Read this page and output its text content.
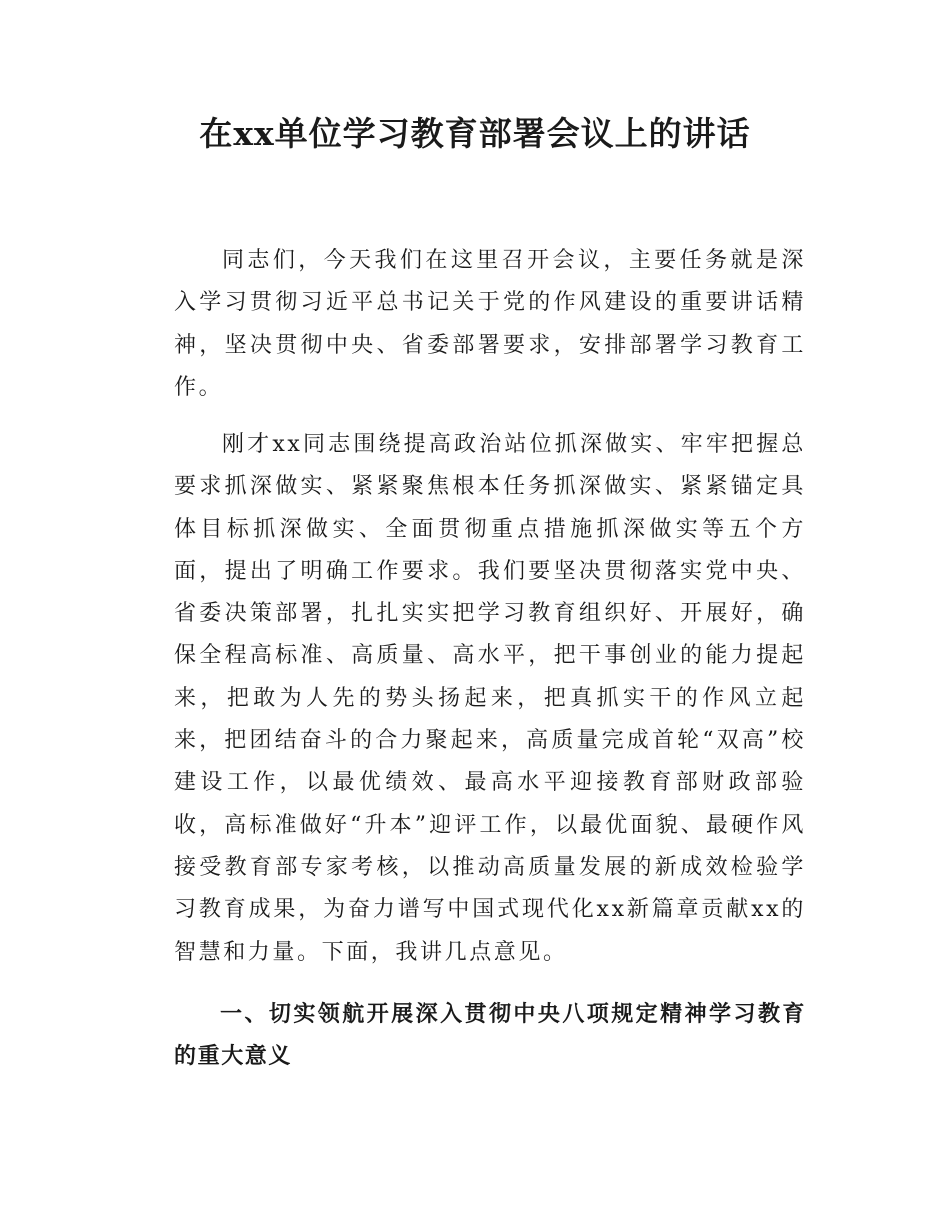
在xx单位学习教育部署会议上的讲话

同志们，今天我们在这里召开会议，主要任务就是深入学习贯彻习近平总书记关于党的作风建设的重要讲话精神，坚决贯彻中央、省委部署要求，安排部署学习教育工作。

刚才xx同志围绕提高政治站位抓深做实、牢牢把握总要求抓深做实、紧紧聚焦根本任务抓深做实、紧紧锚定具体目标抓深做实、全面贯彻重点措施抓深做实等五个方面，提出了明确工作要求。我们要坚决贯彻落实党中央、省委决策部署，扎扎实实把学习教育组织好、开展好，确保全程高标准、高质量、高水平，把干事创业的能力提起来，把敢为人先的势头扬起来，把真抓实干的作风立起来，把团结奋斗的合力聚起来，高质量完成首轮“双高”校建设工作，以最优绩效、最高水平迎接教育部财政部验收，高标准做好“升本”迎评工作，以最优面貌、最硬作风接受教育部专家考核，以推动高质量发展的新成效检验学习教育成果，为奋力谱写中国式现代化xx新篇章贡献xx的智慧和力量。下面，我讲几点意见。

一、切实领航开展深入贯彻中央八项规定精神学习教育的重大意义
